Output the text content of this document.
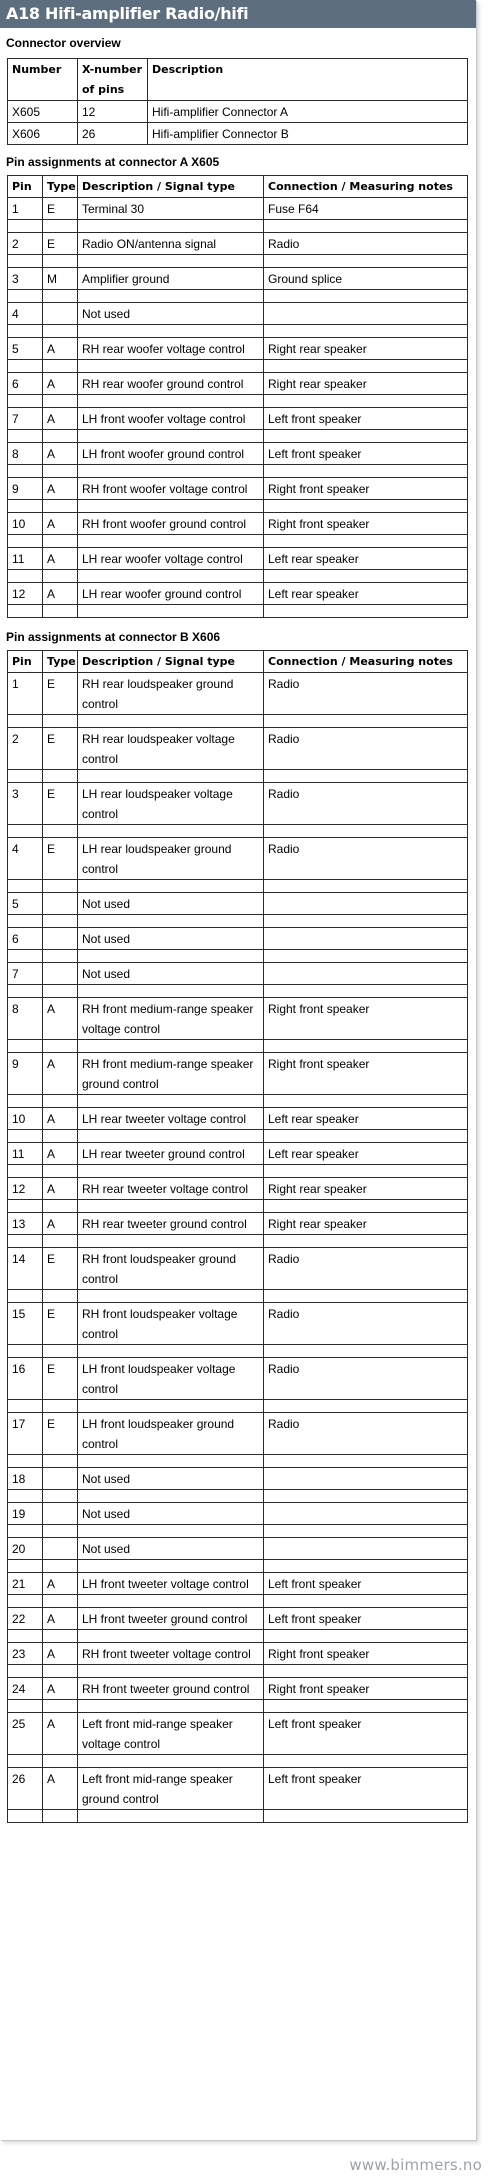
A18 Hifi-amplifier Radio/hifi
Connector overview
Number	X-number of pins	Description
X605	12	Hifi-amplifier Connector A
X606	26	Hifi-amplifier Connector B
Pin assignments at connector A X605
Pin	Type	Description / Signal type	Connection / Measuring notes
1	E	Terminal 30	Fuse F64

2	E	Radio ON/antenna signal	Radio

3	M	Amplifier ground	Ground splice

4		Not used	

5	A	RH rear woofer voltage control	Right rear speaker

6	A	RH rear woofer ground control	Right rear speaker

7	A	LH front woofer voltage control	Left front speaker

8	A	LH front woofer ground control	Left front speaker

9	A	RH front woofer voltage control	Right front speaker

10	A	RH front woofer ground control	Right front speaker

11	A	LH rear woofer voltage control	Left rear speaker

12	A	LH rear woofer ground control	Left rear speaker

Pin assignments at connector B X606
Pin	Type	Description / Signal type	Connection / Measuring notes
1	E	RH rear loudspeaker ground control	Radio

2	E	RH rear loudspeaker voltage control	Radio

3	E	LH rear loudspeaker voltage control	Radio

4	E	LH rear loudspeaker ground control	Radio

5		Not used	

6		Not used	

7		Not used	

8	A	RH front medium-range speaker voltage control	Right front speaker

9	A	RH front medium-range speaker ground control	Right front speaker

10	A	LH rear tweeter voltage control	Left rear speaker

11	A	LH rear tweeter ground control	Left rear speaker

12	A	RH rear tweeter voltage control	Right rear speaker

13	A	RH rear tweeter ground control	Right rear speaker

14	E	RH front loudspeaker ground control	Radio

15	E	RH front loudspeaker voltage control	Radio

16	E	LH front loudspeaker voltage control	Radio

17	E	LH front loudspeaker ground control	Radio

18		Not used	

19		Not used	

20		Not used	

21	A	LH front tweeter voltage control	Left front speaker

22	A	LH front tweeter ground control	Left front speaker

23	A	RH front tweeter voltage control	Right front speaker

24	A	RH front tweeter ground control	Right front speaker

25	A	Left front mid-range speaker voltage control	Left front speaker

26	A	Left front mid-range speaker ground control	Left front speaker

www.bimmers.no
